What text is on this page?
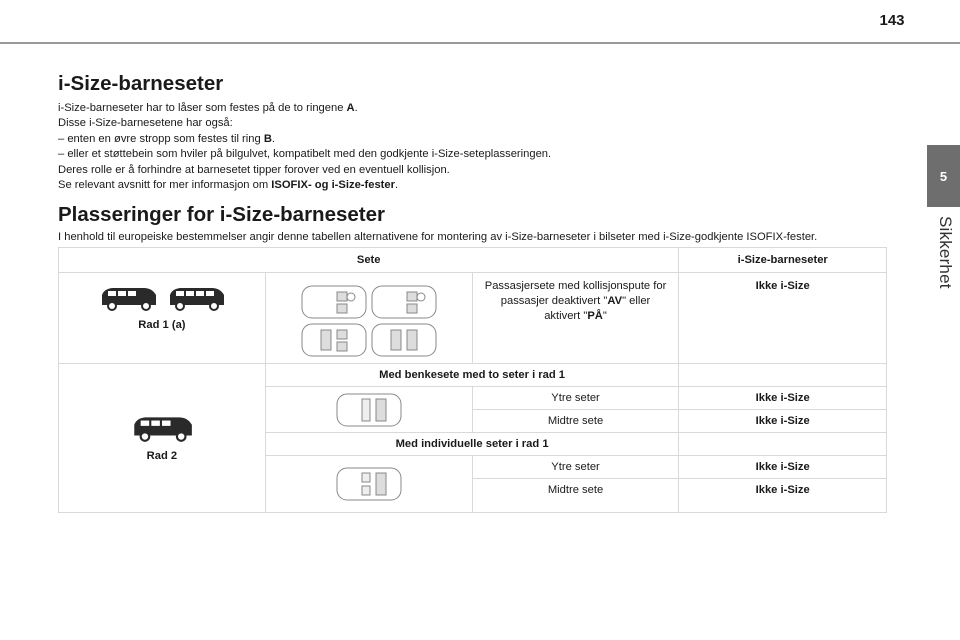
143
5
Sikkerhet
i-Size-barneseter
i-Size-barneseter har to låser som festes på de to ringene A.
Disse i-Size-barnesetene har også:
– enten en øvre stropp som festes til ring B.
– eller et støttebein som hviler på bilgulvet, kompatibelt med den godkjente i-Size-seteplasseringen.
Deres rolle er å forhindre at barnesetet tipper forover ved en eventuell kollisjon.
Se relevant avsnitt for mer informasjon om ISOFIX- og i-Size-fester.
Plasseringer for i-Size-barneseter
I henhold til europeiske bestemmelser angir denne tabellen alternativene for montering av i-Size-barneseter i bilseter med i-Size-godkjente ISOFIX-fester.
Sete			i-Size-barneseter

Rad 1 (a)		Passasjersete med kollisjonspute for passasjer deaktivert "AV" eller aktivert "PÅ"	Ikke i-Size

Rad 2	Med benkesete med to seter i rad 1		

	Ytre seter	Ikke i-Size
		Midtre sete	Ikke i-Size
	Med individuelle seter i rad 1		

	Ytre seter	Ikke i-Size
		Midtre sete	Ikke i-Size
